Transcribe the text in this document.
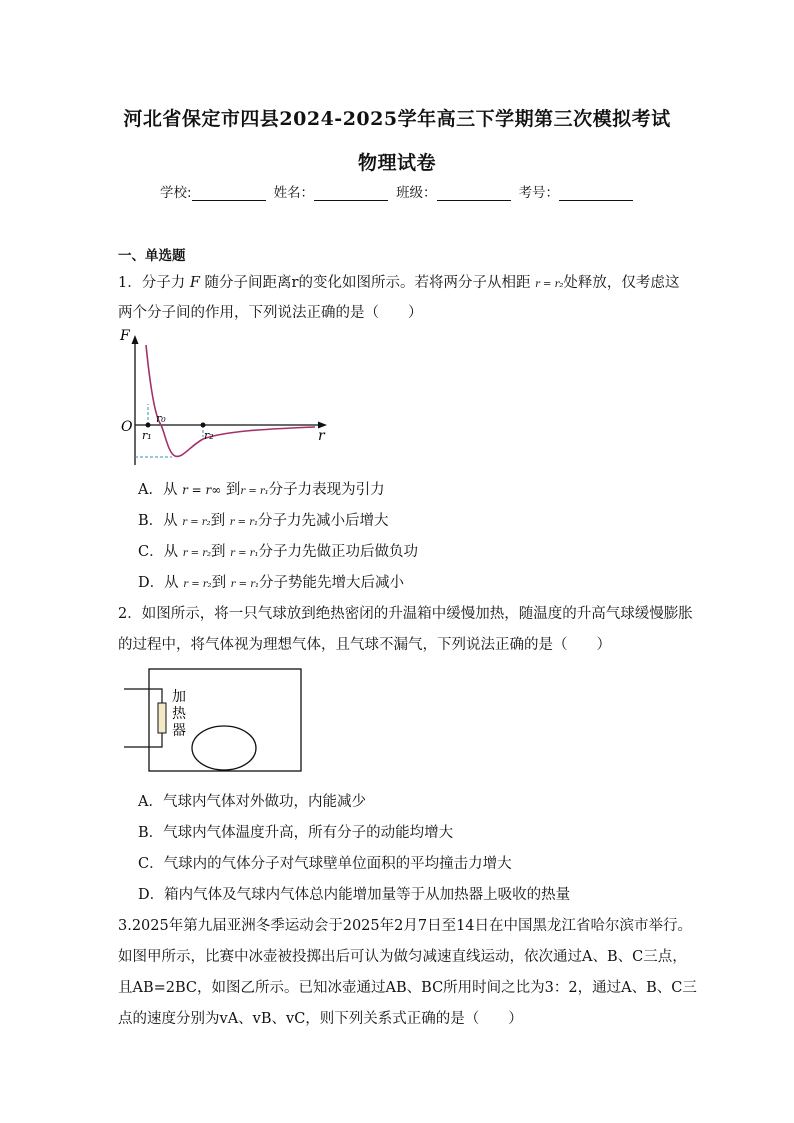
河北省保定市四县2024-2025学年高三下学期第三次模拟考试
物理试卷
学校:	姓名：	班级：	考号：
一、单选题
1．分子力 F 随分子间距离r的变化如图所示。若将两分子从相距 r = r₂处释放，仅考虑这
两个分子间的作用，下列说法正确的是（　　）
F
O
r
r₀
r₁	r₂
A．从 r = r∞ 到r = r₁分子力表现为引力
B．从 r = r₂到 r = r₁分子力先减小后增大
C．从 r = r₂到 r = r₁分子力先做正功后做负功
D．从 r = r₂到 r = r₁分子势能先增大后减小
2．如图所示，将一只气球放到绝热密闭的升温箱中缓慢加热，随温度的升高气球缓慢膨胀
的过程中，将气体视为理想气体，且气球不漏气，下列说法正确的是（　　）
加
热
器
A．气球内气体对外做功，内能减少
B．气球内气体温度升高，所有分子的动能均增大
C．气球内的气体分子对气球壁单位面积的平均撞击力增大
D．箱内气体及气球内气体总内能增加量等于从加热器上吸收的热量
3.2025年第九届亚洲冬季运动会于2025年2月7日至14日在中国黑龙江省哈尔滨市举行。
如图甲所示，比赛中冰壶被投掷出后可认为做匀减速直线运动，依次通过A、B、C三点，
且AB=2BC，如图乙所示。已知冰壶通过AB、BC所用时间之比为3：2，通过A、B、C三
点的速度分别为vA、vB、vC，则下列关系式正确的是（　　）
